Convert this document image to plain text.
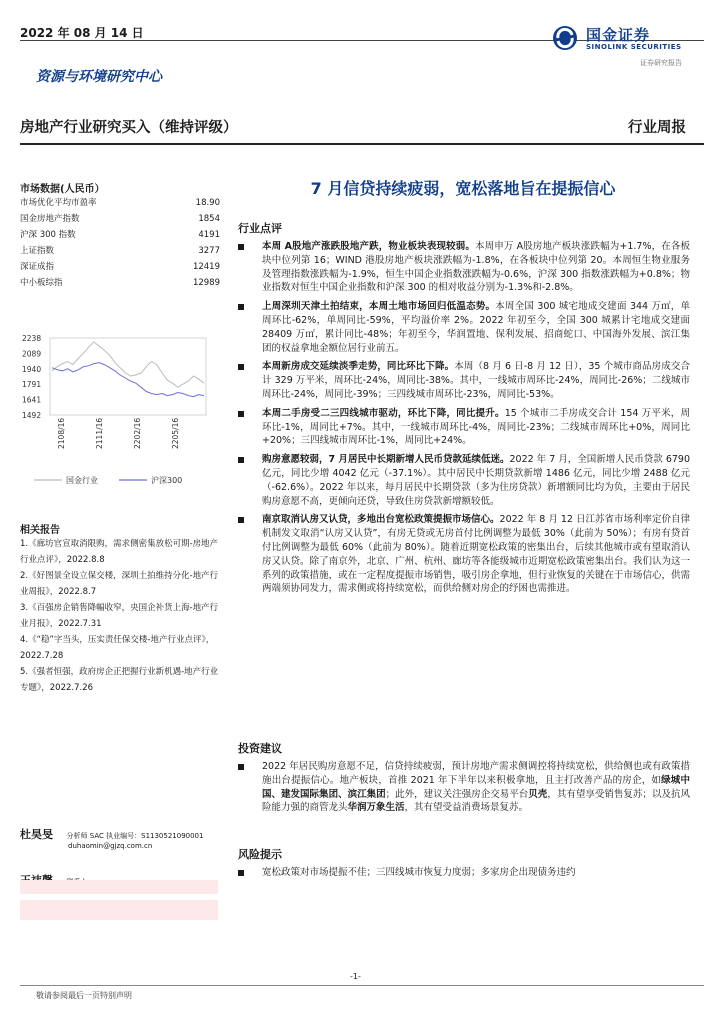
2022 年 08 月 14 日	国金证券
SINOLINK SECURITIES
证券研究报告
资源与环境研究中心
房地产行业研究买入（维持评级）	行业周报
市场数据(人民币）
市场优化平均市盈率	18.90
国金房地产指数	1854
沪深 300 指数	4191
上证指数	3277
深证成指	12419
中小板综指	12989
2238
2089
1940
1791
1641
1492
2108/16	2111/16	2202/16	2205/16
国金行业	沪深300
相关报告
1.《廊坊官宣取消限购，需求侧密集放松可期-房地产行业点评》，2022.8.8
2.《好图景全设立保交楼，深圳土拍维持分化-地产行业周报》，2022.8.7
3.《百强房企销售降幅收窄，央国企补货上海-地产行业月报》，2022.7.31
4.《“稳”字当头，压实责任保交楼-地产行业点评》，2022.7.28
5.《强者恒强，政府房企正把握行业新机遇-地产行业专题》，2022.7.26
杜昊旻 分析师 SAC 执业编号：S1130521090001
duhaomin@gjzq.com.cn
7 月信贷持续疲弱，宽松落地旨在提振信心
行业点评
本周 A股地产涨跌股地产跌，物业板块表现较弱。本周申万 A股房地产板块涨跌幅为+1.7%，在各板块中位列第 16；WIND 港股房地产板块涨跌幅为-1.8%，在各板块中位列第 20。本周恒生物业服务及管理指数涨跌幅为-1.9%，恒生中国企业指数涨跌幅为-0.6%，沪深 300 指数涨跌幅为+0.8%；物业指数对恒生中国企业指数和沪深 300 的相对收益分别为-1.3%和-2.8%。
上周深圳天津土拍结束，本周土地市场回归低温态势。本周全国 300 城宅地成交建面 344 万㎡，单周环比-62%，单周同比-59%，平均溢价率 2%。2022 年初至今，全国 300 城累计宅地成交建面 28409 万㎡，累计同比-48%；年初至今，华润置地、保利发展、招商蛇口、中国海外发展、滨江集团的权益拿地金额位居行业前五。
本周新房成交延续淡季走势，同比环比下降。本周（8 月 6 日-8 月 12 日），35 个城市商品房成交合计 329 万平米，周环比-24%，周同比-38%。其中，一线城市周环比-24%，周同比-26%；二线城市周环比-24%，周同比-39%；三四线城市周环比-23%，周同比-53%。
本周二手房受二三四线城市驱动，环比下降，同比提升。15 个城市二手房成交合计 154 万平米，周环比-1%，周同比+7%。其中，一线城市周环比-4%，周同比-23%；二线城市周环比+0%，周同比+20%；三四线城市周环比-1%，周同比+24%。
购房意愿较弱，7 月居民中长期新增人民币贷款延续低迷。2022 年 7 月，全国新增人民币贷款 6790 亿元，同比少增 4042 亿元（-37.1%）。其中居民中长期贷款新增 1486 亿元，同比少增 2488 亿元（-62.6%）。2022 年以来，每月居民中长期贷款（多为住房贷款）新增额同比均为负，主要由于居民购房意愿不高，更倾向还贷，导致住房贷款新增额较低。
南京取消认房又认贷，多地出台宽松政策提振市场信心。2022 年 8 月 12 日江苏省市场利率定价自律机制发文取消“认房又认贷”，有房无贷或无房首付比例调整为最低 30%（此前为 50%）；有房有贷首付比例调整为最低 60%（此前为 80%）。随着近期宽松政策的密集出台，后续其他城市或有望取消认房又认贷。除了南京外，北京、广州、杭州、廊坊等各能级城市近期宽松政策密集出台。我们认为这一系列的政策措施，或在一定程度提振市场销售，吸引房企拿地，但行业恢复的关键在于市场信心，供需两端须协同发力，需求侧或将持续宽松，而供给侧对房企的纾困也需推进。
投资建议
2022 年居民购房意愿不足，信贷持续疲弱，预计房地产需求侧调控将持续宽松，供给侧也或有政策措施出台提振信心。地产板块，首推 2021 年下半年以来积极拿地，且主打改善产品的房企，如绿城中国、建发国际集团、滨江集团；此外，建议关注强房企交易平台贝壳，其有望享受销售复苏；以及抗风险能力强的商管龙头华润万象生活，其有望受益消费场景复苏。
风险提示
宽松政策对市场提振不佳；三四线城市恢复力度弱；多家房企出现债务违约
-1-
敬请参阅最后一页特别声明
